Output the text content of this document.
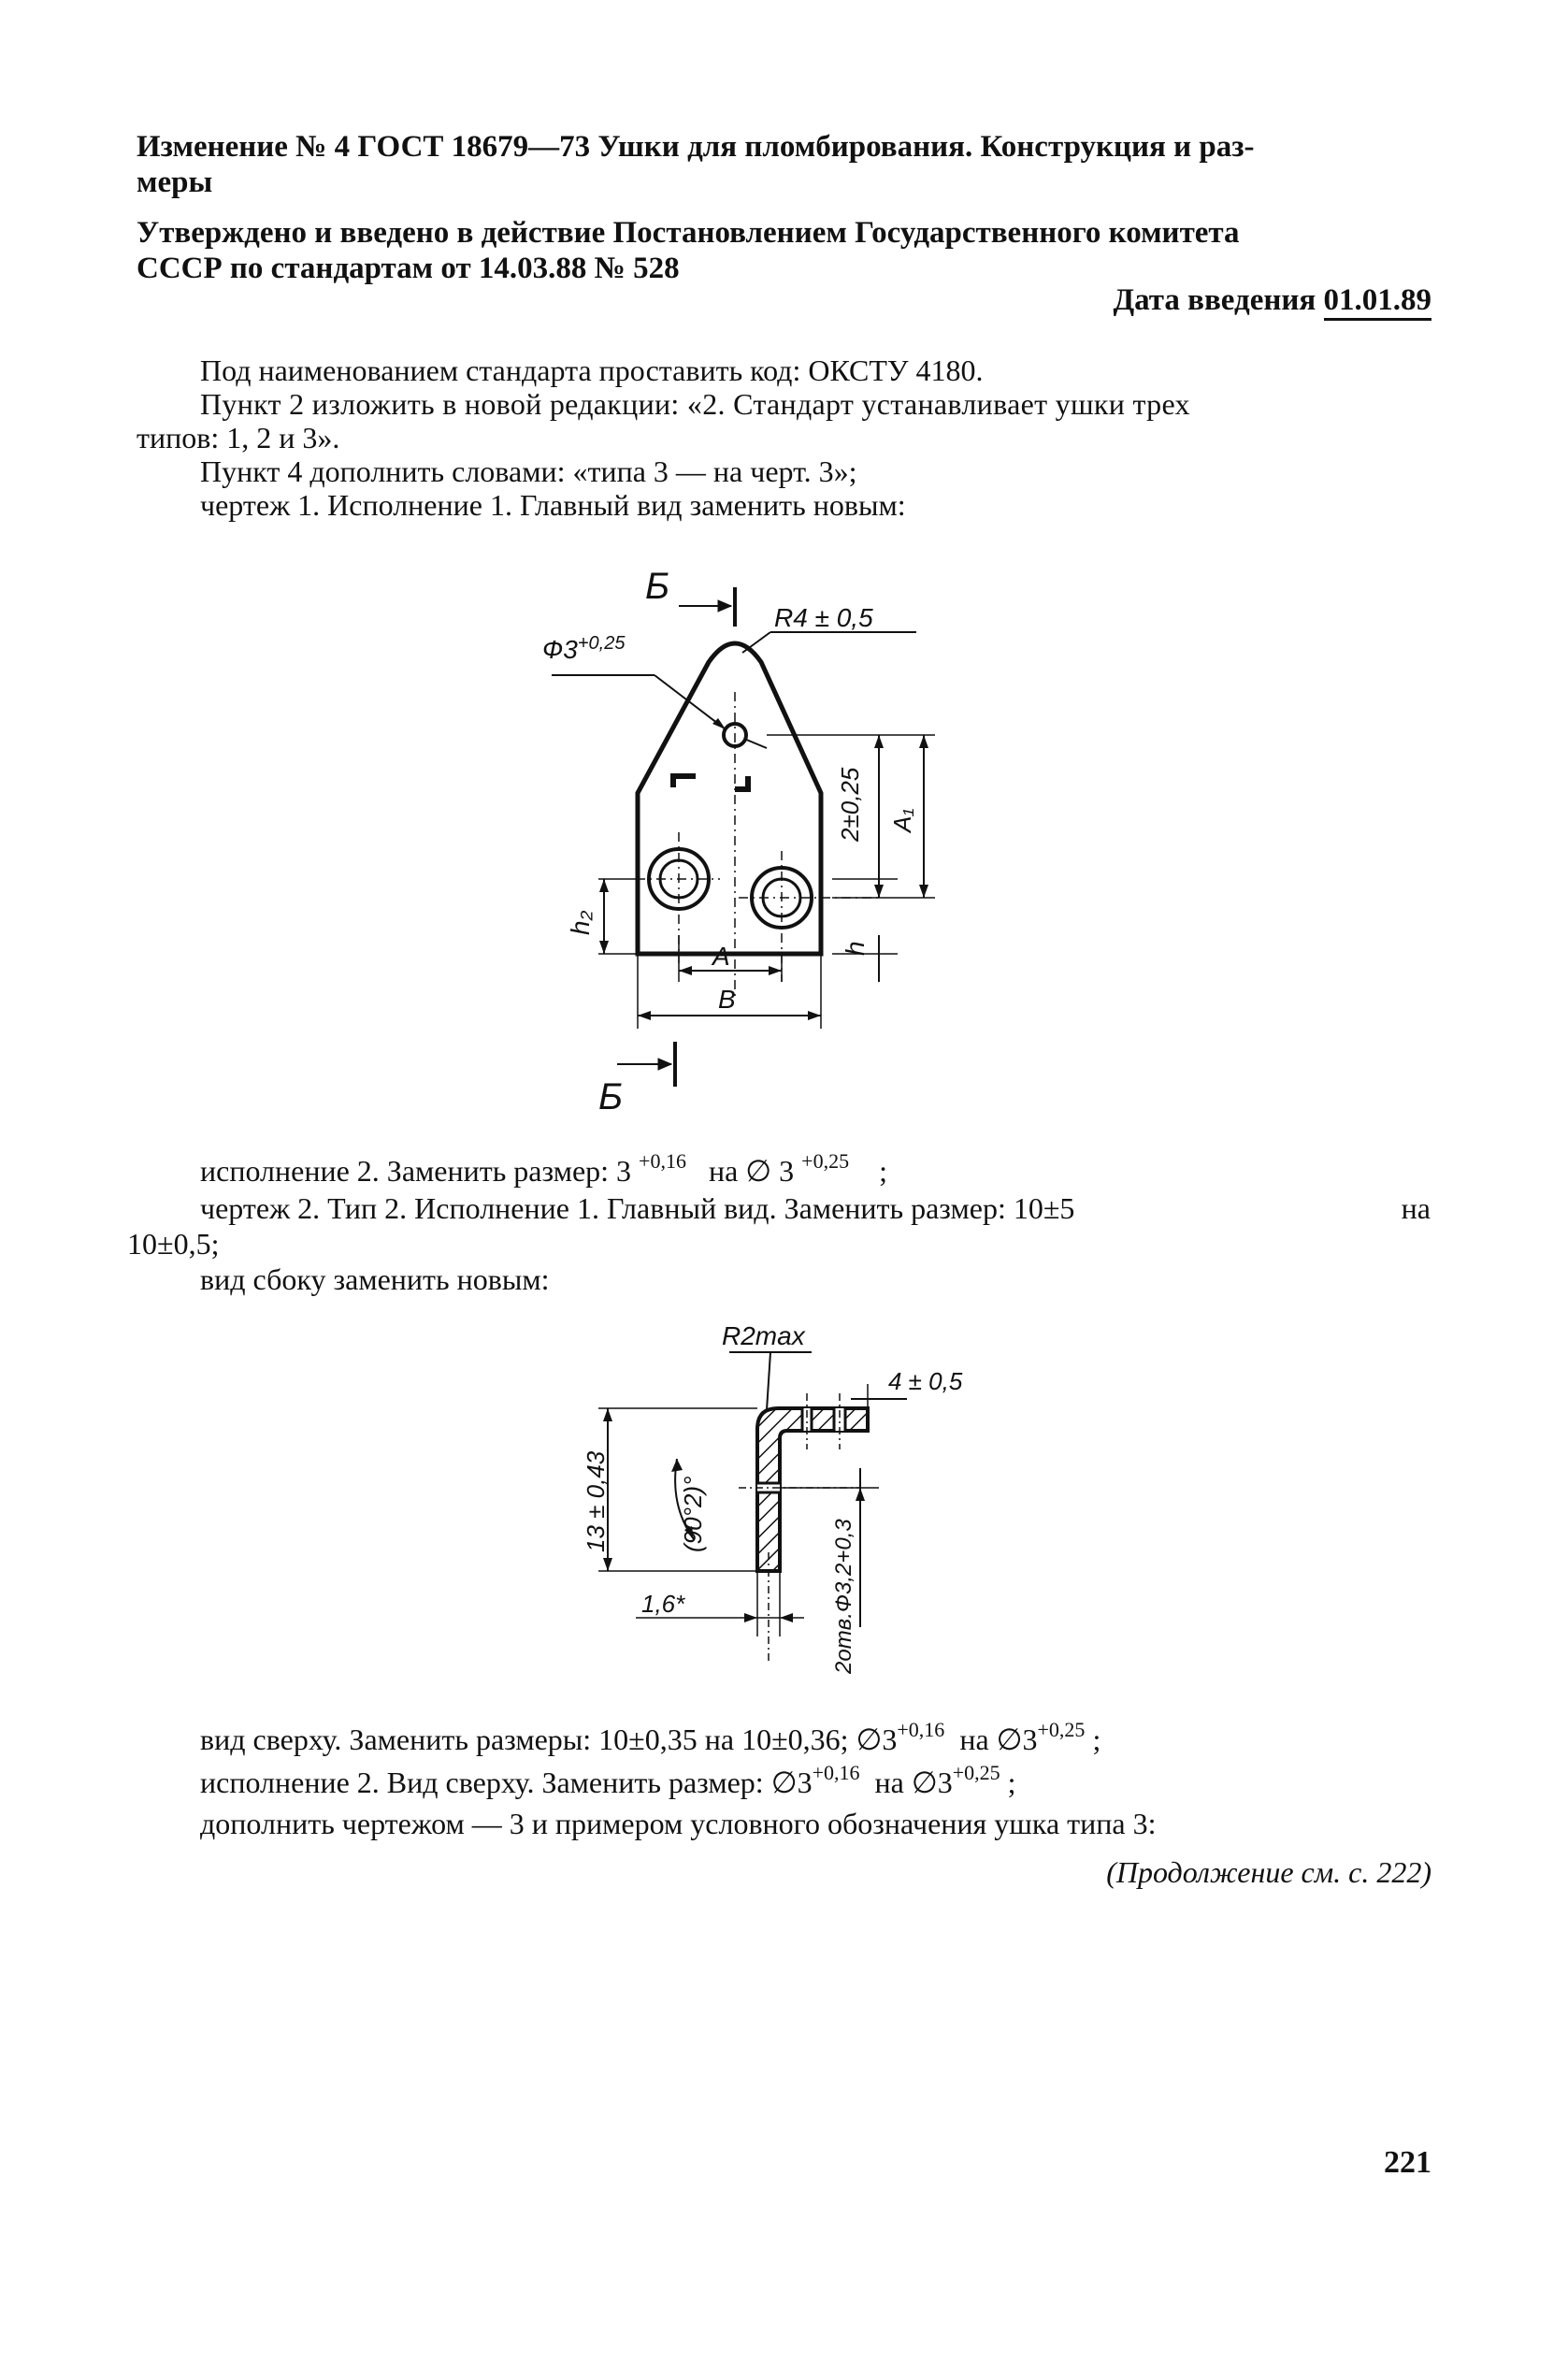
Изменение № 4 ГОСТ 18679—73 Ушки для пломбирования. Конструкция и раз-
меры
Утверждено и введено в действие Постановлением Государственного комитета
СССР по стандартам от 14.03.88 № 528
Дата введения 01.01.89
Под наименованием стандарта проставить код: ОКСТУ 4180.
Пункт 2 изложить в новой редакции: «2. Стандарт устанавливает ушки трех
типов: 1, 2 и 3».
Пункт 4 дополнить словами: «типа 3 — на черт. 3»;
чертеж 1. Исполнение 1. Главный вид заменить новым:
Б
$Ф3^{+0,25}$
R4 ± 0,5
2±0,25 A₁
h₂
A	h
B
Б
исполнение 2. Заменить размер: 3 $^{+0,16}$ на ∅ 3 $^{+0,25}$ ;
чертеж 2. Тип 2. Исполнение 1. Главный вид. Заменить размер: 10±5	на
10±0,5;
вид сбоку заменить новым:
R2max
4 ± 0,5
13 ± 0,43	(90°2)°
1,6*	2отв.Ф3,2+0,3
вид сверху. Заменить размеры: 10±0,35 на 10±0,36; $\emptyset 3^{+0,16}$ на $\emptyset 3^{+0,25}$ ;
исполнение 2. Вид сверху. Заменить размер: $\emptyset 3^{+0,16}$ на $\emptyset 3^{+0,25}$ ;
дополнить чертежом — 3 и примером условного обозначения ушка типа 3:
(Продолжение см. с. 222)
221
